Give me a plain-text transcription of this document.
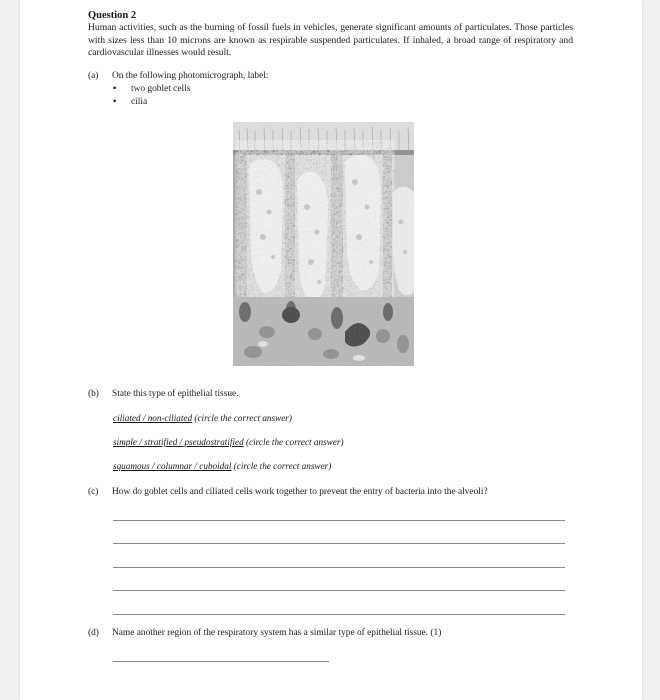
Question 2
Human activities, such as the burning of fossil fuels in vehicles, generate significant amounts of particulates. Those particles with sizes less than 10 microns are known as respirable suspended particulates. If inhaled, a broad range of respiratory and cardiovascular illnesses would result.
(a) On the following photomicrograph, label:
• two goblet cells
• cilia
(b) State this type of epithelial tissue.
ciliated / non-ciliated (circle the correct answer)
simple / stratified / pseudostratified (circle the correct answer)
squamous / columnar / cuboidal (circle the correct answer)
(c) How do goblet cells and ciliated cells work together to prevent the entry of bacteria into the alveoli?
(d) Name another region of the respiratory system has a similar type of epithelial tissue. (1)
